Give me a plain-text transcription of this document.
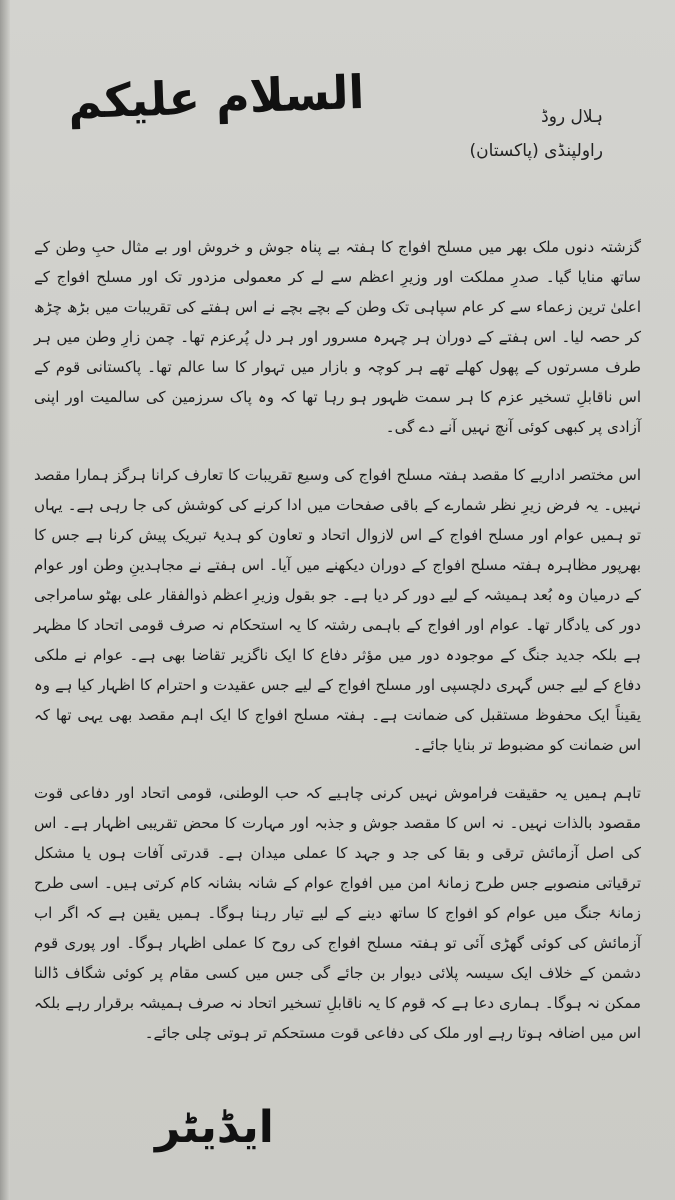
السلام علیکم	ہلال روڈ
راولپنڈی (پاکستان)

گزشتہ دنوں ملک بھر میں مسلح افواج کا ہفتہ بے پناہ جوش و خروش اور بے مثال حبِ وطن کے ساتھ منایا گیا۔ صدرِ مملکت اور وزیرِ اعظم سے لے کر معمولی مزدور تک اور مسلح افواج کے اعلیٰ ترین زعماء سے کر عام سپاہی تک وطن کے بچے بچے نے اس ہفتے کی تقریبات میں بڑھ چڑھ کر حصہ لیا۔ اس ہفتے کے دوران ہر چہرہ مسرور اور ہر دل پُرعزم تھا۔ چمن زارِ وطن میں ہر طرف مسرتوں کے پھول کھلے تھے ہر کوچہ و بازار میں تہوار کا سا عالم تھا۔ پاکستانی قوم کے اس ناقابلِ تسخیر عزم کا ہر سمت ظہور ہو رہا تھا کہ وہ پاک سرزمین کی سالمیت اور اپنی آزادی پر کبھی کوئی آنچ نہیں آنے دے گی۔

اس مختصر اداریے کا مقصد ہفتہ مسلح افواج کی وسیع تقریبات کا تعارف کرانا ہرگز ہمارا مقصد نہیں۔ یہ فرض زیرِ نظر شمارے کے باقی صفحات میں ادا کرنے کی کوشش کی جا رہی ہے۔ یہاں تو ہمیں عوام اور مسلح افواج کے اس لازوال اتحاد و تعاون کو ہدیۂ تبریک پیش کرنا ہے جس کا بھرپور مظاہرہ ہفتہ مسلح افواج کے دوران دیکھنے میں آیا۔ اس ہفتے نے مجاہدینِ وطن اور عوام کے درمیان وہ بُعد ہمیشہ کے لیے دور کر دیا ہے۔ جو بقول وزیرِ اعظم ذوالفقار علی بھٹو سامراجی دور کی یادگار تھا۔ عوام اور افواج کے باہمی رشتہ کا یہ استحکام نہ صرف قومی اتحاد کا مظہر ہے بلکہ جدید جنگ کے موجودہ دور میں مؤثر دفاع کا ایک ناگزیر تقاضا بھی ہے۔ عوام نے ملکی دفاع کے لیے جس گہری دلچسپی اور مسلح افواج کے لیے جس عقیدت و احترام کا اظہار کیا ہے وہ یقیناً ایک محفوظ مستقبل کی ضمانت ہے۔ ہفتہ مسلح افواج کا ایک اہم مقصد بھی یہی تھا کہ اس ضمانت کو مضبوط تر بنایا جائے۔

تاہم ہمیں یہ حقیقت فراموش نہیں کرنی چاہیے کہ حب الوطنی، قومی اتحاد اور دفاعی قوت مقصود بالذات نہیں۔ نہ اس کا مقصد جوش و جذبہ اور مہارت کا محض تقریبی اظہار ہے۔ اس کی اصل آزمائش ترقی و بقا کی جد و جہد کا عملی میدان ہے۔ قدرتی آفات ہوں یا مشکل ترقیاتی منصوبے جس طرح زمانۂ امن میں افواج عوام کے شانہ بشانہ کام کرتی ہیں۔ اسی طرح زمانۂ جنگ میں عوام کو افواج کا ساتھ دینے کے لیے تیار رہنا ہوگا۔ ہمیں یقین ہے کہ اگر اب آزمائش کی کوئی گھڑی آئی تو ہفتہ مسلح افواج کی روح کا عملی اظہار ہوگا۔ اور پوری قوم دشمن کے خلاف ایک سیسہ پلائی دیوار بن جائے گی جس میں کسی مقام پر کوئی شگاف ڈالنا ممکن نہ ہوگا۔ ہماری دعا ہے کہ قوم کا یہ ناقابلِ تسخیر اتحاد نہ صرف ہمیشہ برقرار رہے بلکہ اس میں اضافہ ہوتا رہے اور ملک کی دفاعی قوت مستحکم تر ہوتی چلی جائے۔

ایڈیٹر
